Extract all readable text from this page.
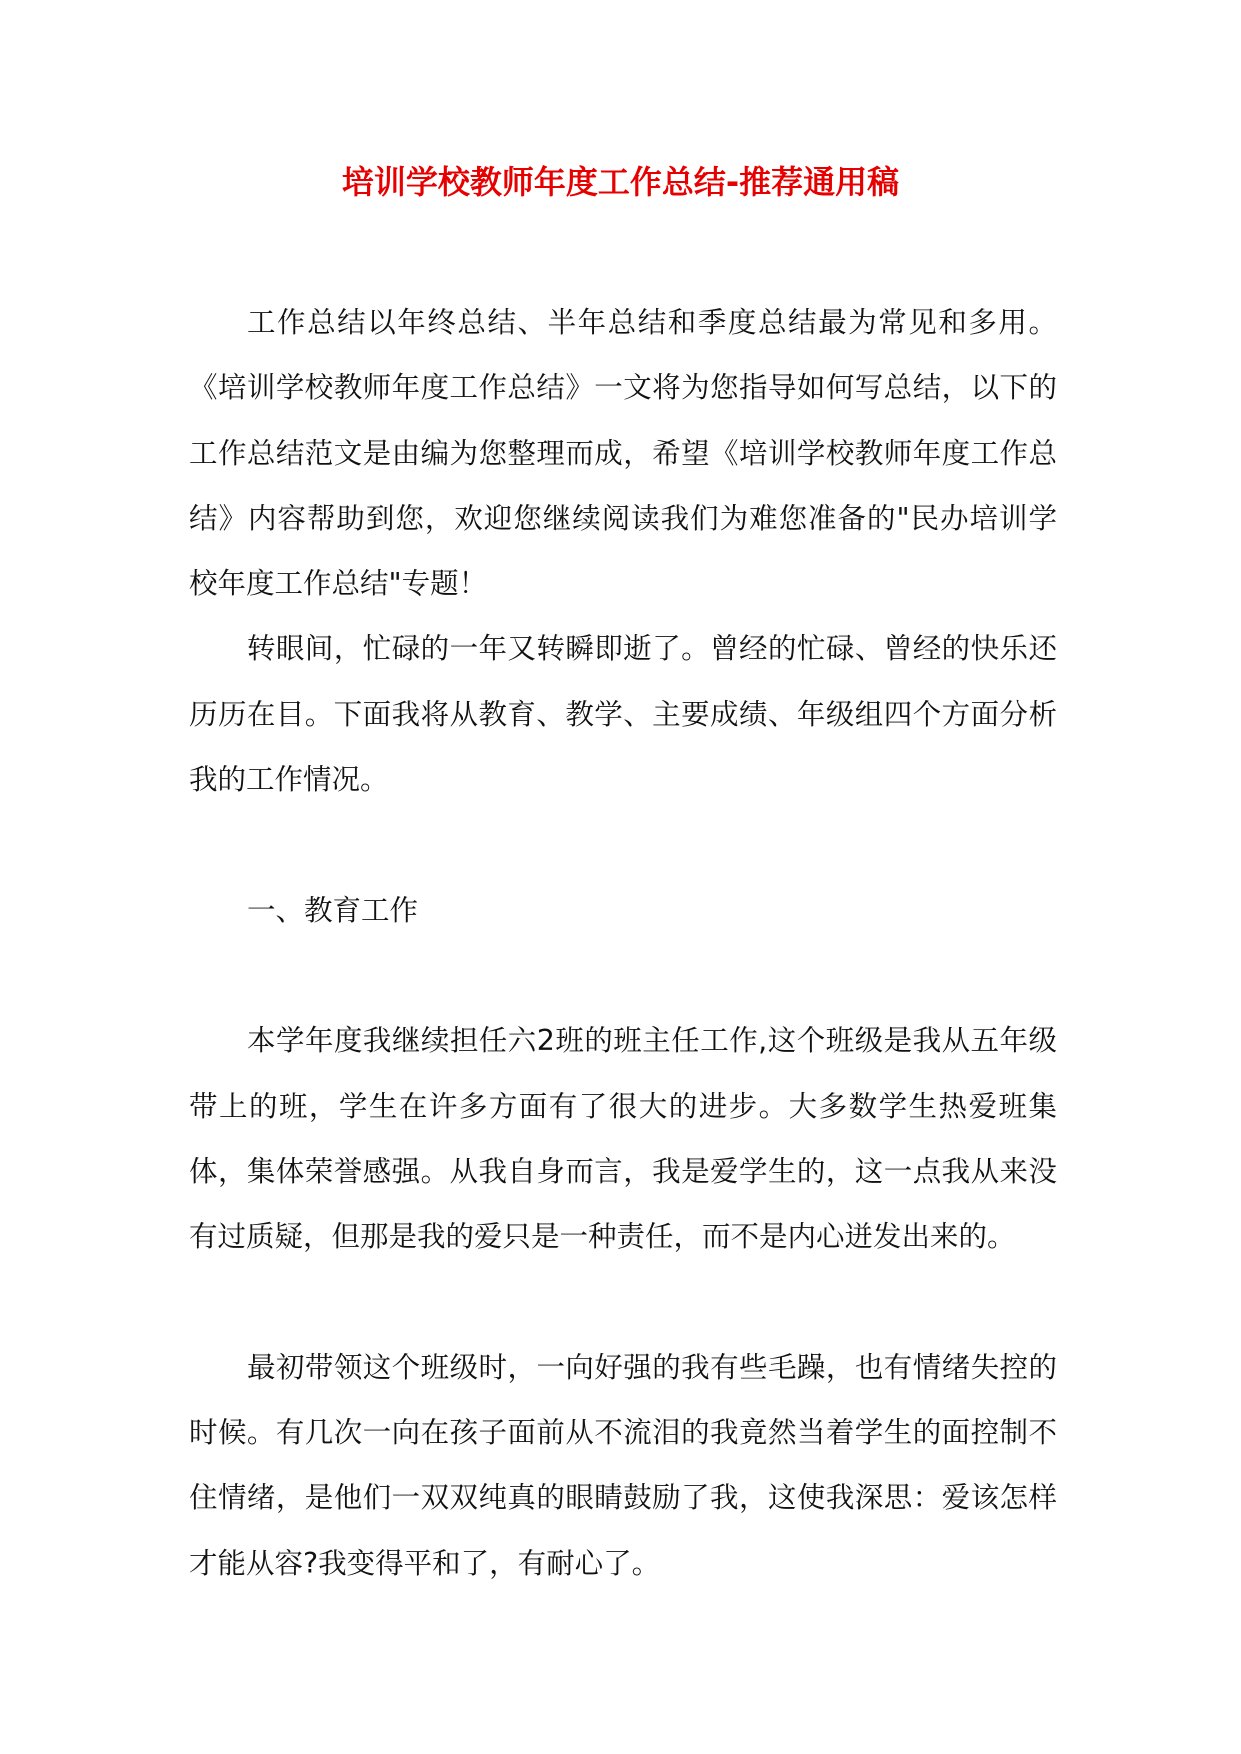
培训学校教师年度工作总结-推荐通用稿

工作总结以年终总结、半年总结和季度总结最为常见和多用。《培训学校教师年度工作总结》一文将为您指导如何写总结，以下的工作总结范文是由编为您整理而成，希望《培训学校教师年度工作总结》内容帮助到您，欢迎您继续阅读我们为难您准备的"民办培训学校年度工作总结"专题！

转眼间，忙碌的一年又转瞬即逝了。曾经的忙碌、曾经的快乐还历历在目。下面我将从教育、教学、主要成绩、年级组四个方面分析我的工作情况。

一、教育工作

本学年度我继续担任六2班的班主任工作,这个班级是我从五年级带上的班，学生在许多方面有了很大的进步。大多数学生热爱班集体，集体荣誉感强。从我自身而言，我是爱学生的，这一点我从来没有过质疑，但那是我的爱只是一种责任，而不是内心迸发出来的。

最初带领这个班级时，一向好强的我有些毛躁，也有情绪失控的时候。有几次一向在孩子面前从不流泪的我竟然当着学生的面控制不住情绪，是他们一双双纯真的眼睛鼓励了我，这使我深思：爱该怎样才能从容?我变得平和了，有耐心了。
